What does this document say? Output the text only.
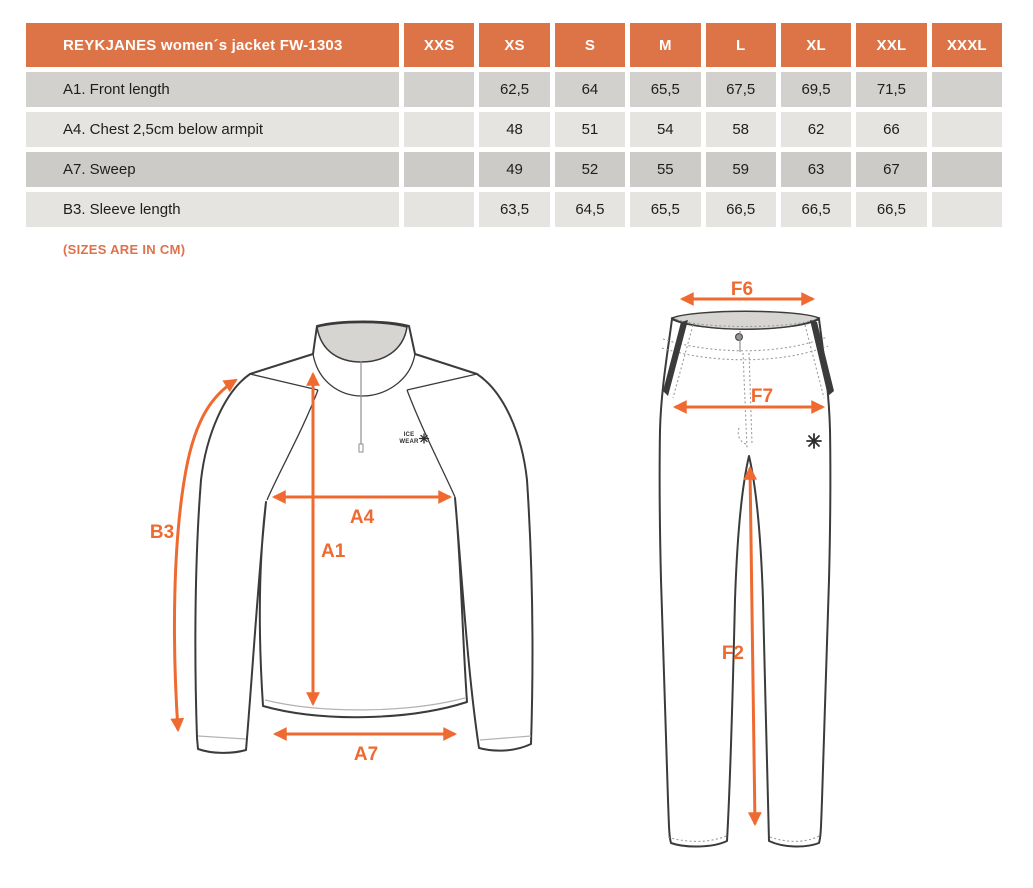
REYKJANES women´s jacket FW-1303	XXS	XS	S	M	L	XL	XXL	XXXL
A1. Front length		62,5	64	65,5	67,5	69,5	71,5	
A4. Chest 2,5cm below armpit		48	51	54	58	62	66	
A7. Sweep		49	52	55	59	63	67	
B3. Sleeve length		63,5	64,5	65,5	66,5	66,5	66,5	
(SIZES ARE IN CM)
ICE
WEAR
B3
A4
A1
A7
F6
F7
F2
